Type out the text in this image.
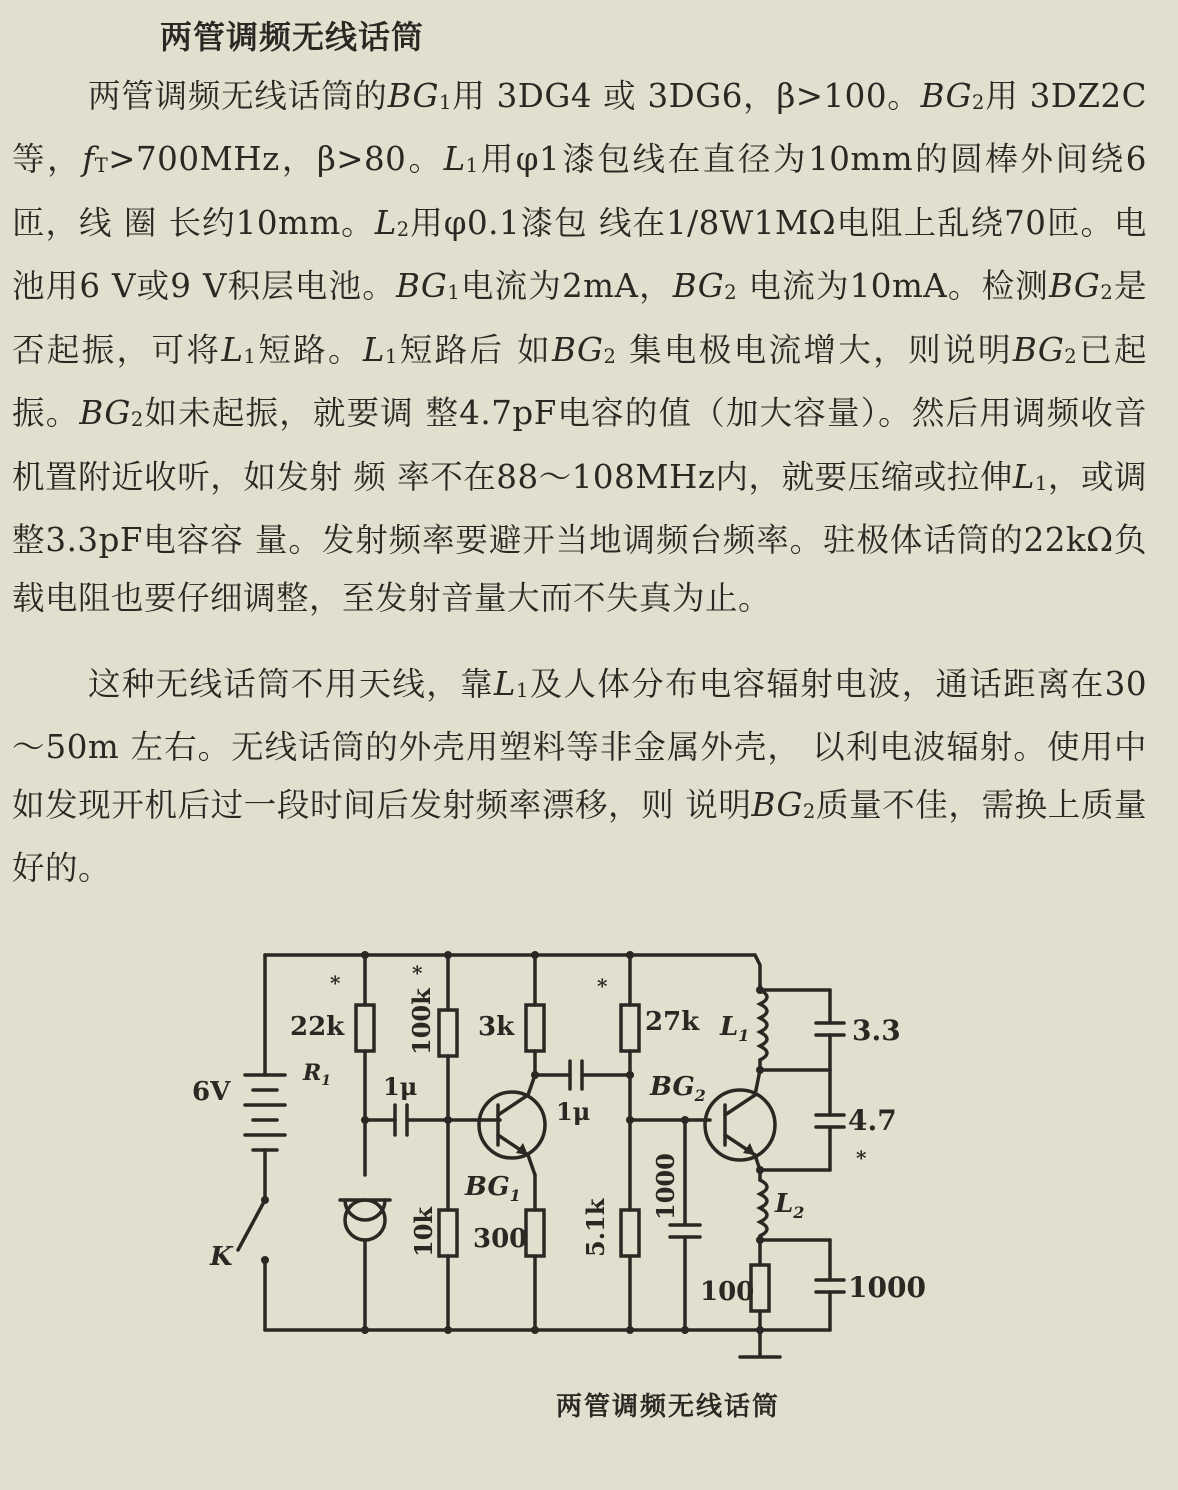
两管调频无线话筒
两管调频无线话筒的$BG_1$用 3DG4 或 3DG6，β>100。$BG_2$用 3DZ2C等，$f_T>700MHz$，β>80。$L_1$用φ1漆包线在直径为10mm的圆棒外间绕6匝，线 圈 长约10mm。$L_2$用φ0.1漆包 线在1/8W1MΩ电阻上乱绕70匝。电池用6 V或9 V积层电池。$BG_1$电流为2mA，$BG_2$ 电流为10mA。检测$BG_2$是否起振，可将$L_1$短路。$L_1$短路后 如$BG_2$ 集电极电流增大，则说明$BG_2$已起振。$BG_2$如未起振，就要调 整4.7pF电容的值（加大容量）。然后用调频收音机置附近收听，如发射 频 率不在88～108MHz内，就要压缩或拉伸$L_1$，或调整3.3pF电容容 量。发射频率要避开当地调频台频率。驻极体话筒的22kΩ负载电阻也要仔细调整，至发射音量大而不失真为止。
这种无线话筒不用天线，靠$L_1$及人体分布电容辐射电波，通话距离在30～50m 左右。无线话筒的外壳用塑料等非金属外壳， 以利电波辐射。使用中如发现开机后过一段时间后发射频率漂移，则 说明$BG_2$质量不佳，需换上质量好的。
6V
K
22k
*
$R_1$
100k
*
3k
*
27k
1μ
1μ
$BG_1$
$BG_2$
10k 300 5.1k
1000
$L_1$
$L_2$
3.3
4.7
*
100	1000
两管调频无线话筒
